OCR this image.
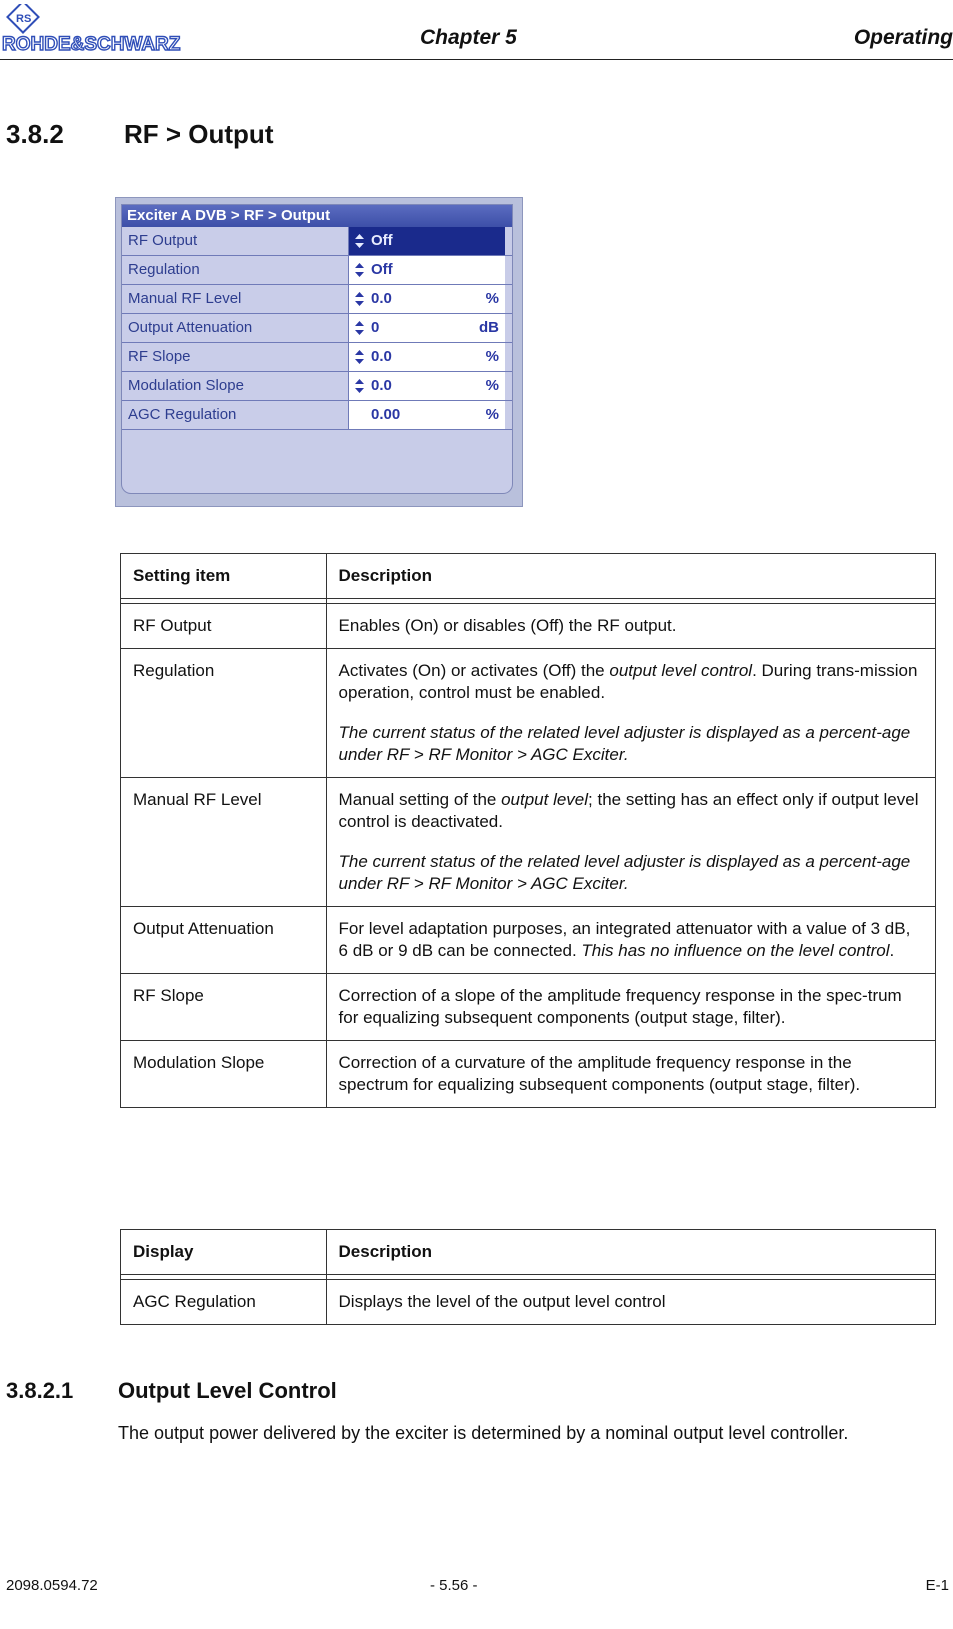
RS
ROHDE&SCHWARZ	Chapter 5	Operating
3.8.2 RF > Output
Exciter A DVB > RF > Output
RF Output	Off
Regulation	Off
Manual RF Level	0.0	%
Output Attenuation	0	dB
RF Slope	0.0	%
Modulation Slope	0.0	%
AGC Regulation	0.00	%
Setting item	Description

RF Output	Enables (On) or disables (Off) the RF output.

Regulation	Activates (On) or activates (Off) the output level control. During trans-mission operation, control must be enabled.
The current status of the related level adjuster is displayed as a percent-age under RF > RF Monitor > AGC Exciter.

Manual RF Level	Manual setting of the output level; the setting has an effect only if output level control is deactivated.
The current status of the related level adjuster is displayed as a percent-age under RF > RF Monitor > AGC Exciter.

Output Attenuation	For level adaptation purposes, an integrated attenuator with a value of 3 dB, 6 dB or 9 dB can be connected. This has no influence on the level control.

RF Slope	Correction of a slope of the amplitude frequency response in the spec-trum for equalizing subsequent components (output stage, filter).

Modulation Slope	Correction of a curvature of the amplitude frequency response in the spectrum for equalizing subsequent components (output stage, filter).
Display	Description

AGC Regulation	Displays the level of the output level control
3.8.2.1 Output Level Control
The output power delivered by the exciter is determined by a nominal output level controller.
2098.0594.72	- 5.56 -	E-1
